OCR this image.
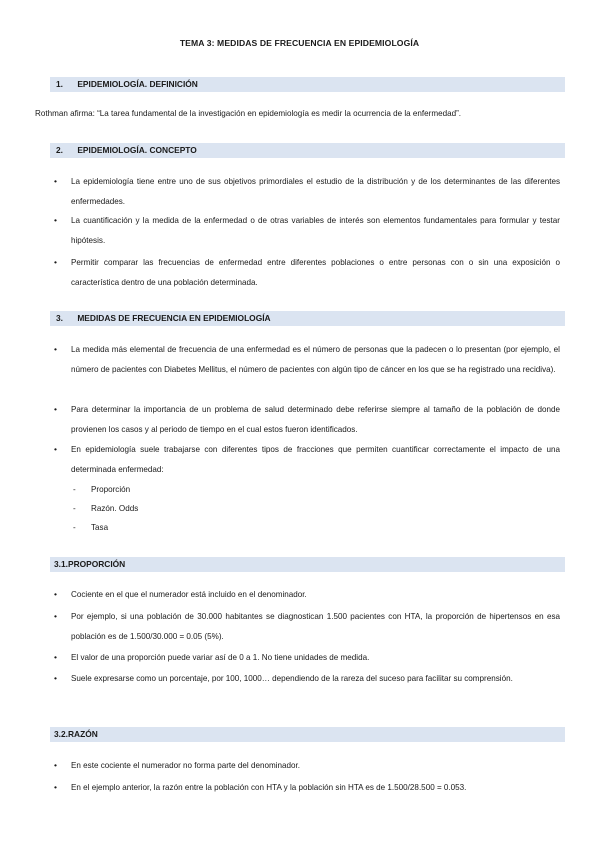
TEMA 3: MEDIDAS DE FRECUENCIA EN EPIDEMIOLOGÍA
1. EPIDEMIOLOGÍA. DEFINICIÓN
Rothman afirma: “La tarea fundamental de la investigación en epidemiología es medir la ocurrencia de la enfermedad”.
2. EPIDEMIOLOGÍA. CONCEPTO
•	La epidemiología tiene entre uno de sus objetivos primordiales el estudio de la distribución y de los determinantes de las diferentes enfermedades.
•	La cuantificación y la medida de la enfermedad o de otras variables de interés son elementos fundamentales para formular y testar hipótesis.
•	Permitir comparar las frecuencias de enfermedad entre diferentes poblaciones o entre personas con o sin una exposición o característica dentro de una población determinada.
3. MEDIDAS DE FRECUENCIA EN EPIDEMIOLOGÍA
•	La medida más elemental de frecuencia de una enfermedad es el número de personas que la padecen o lo presentan (por ejemplo, el número de pacientes con Diabetes Mellitus, el número de pacientes con algún tipo de cáncer en los que se ha registrado una recidiva).
•	Para determinar la importancia de un problema de salud determinado debe referirse siempre al tamaño de la población de donde provienen los casos y al periodo de tiempo en el cual estos fueron identificados.
•	En epidemiología suele trabajarse con diferentes tipos de fracciones que permiten cuantificar correctamente el impacto de una determinada enfermedad:
- Proporción
- Razón. Odds
- Tasa
3.1.PROPORCIÓN
•	Cociente en el que el numerador está incluido en el denominador.
•	Por ejemplo, si una población de 30.000 habitantes se diagnostican 1.500 pacientes con HTA, la proporción de hipertensos en esa población es de 1.500/30.000 = 0.05 (5%).
•	El valor de una proporción puede variar así de 0 a 1. No tiene unidades de medida.
•	Suele expresarse como un porcentaje, por 100, 1000… dependiendo de la rareza del suceso para facilitar su comprensión.
3.2.RAZÓN
•	En este cociente el numerador no forma parte del denominador.
•	En el ejemplo anterior, la razón entre la población con HTA y la población sin HTA es de 1.500/28.500 = 0.053.
